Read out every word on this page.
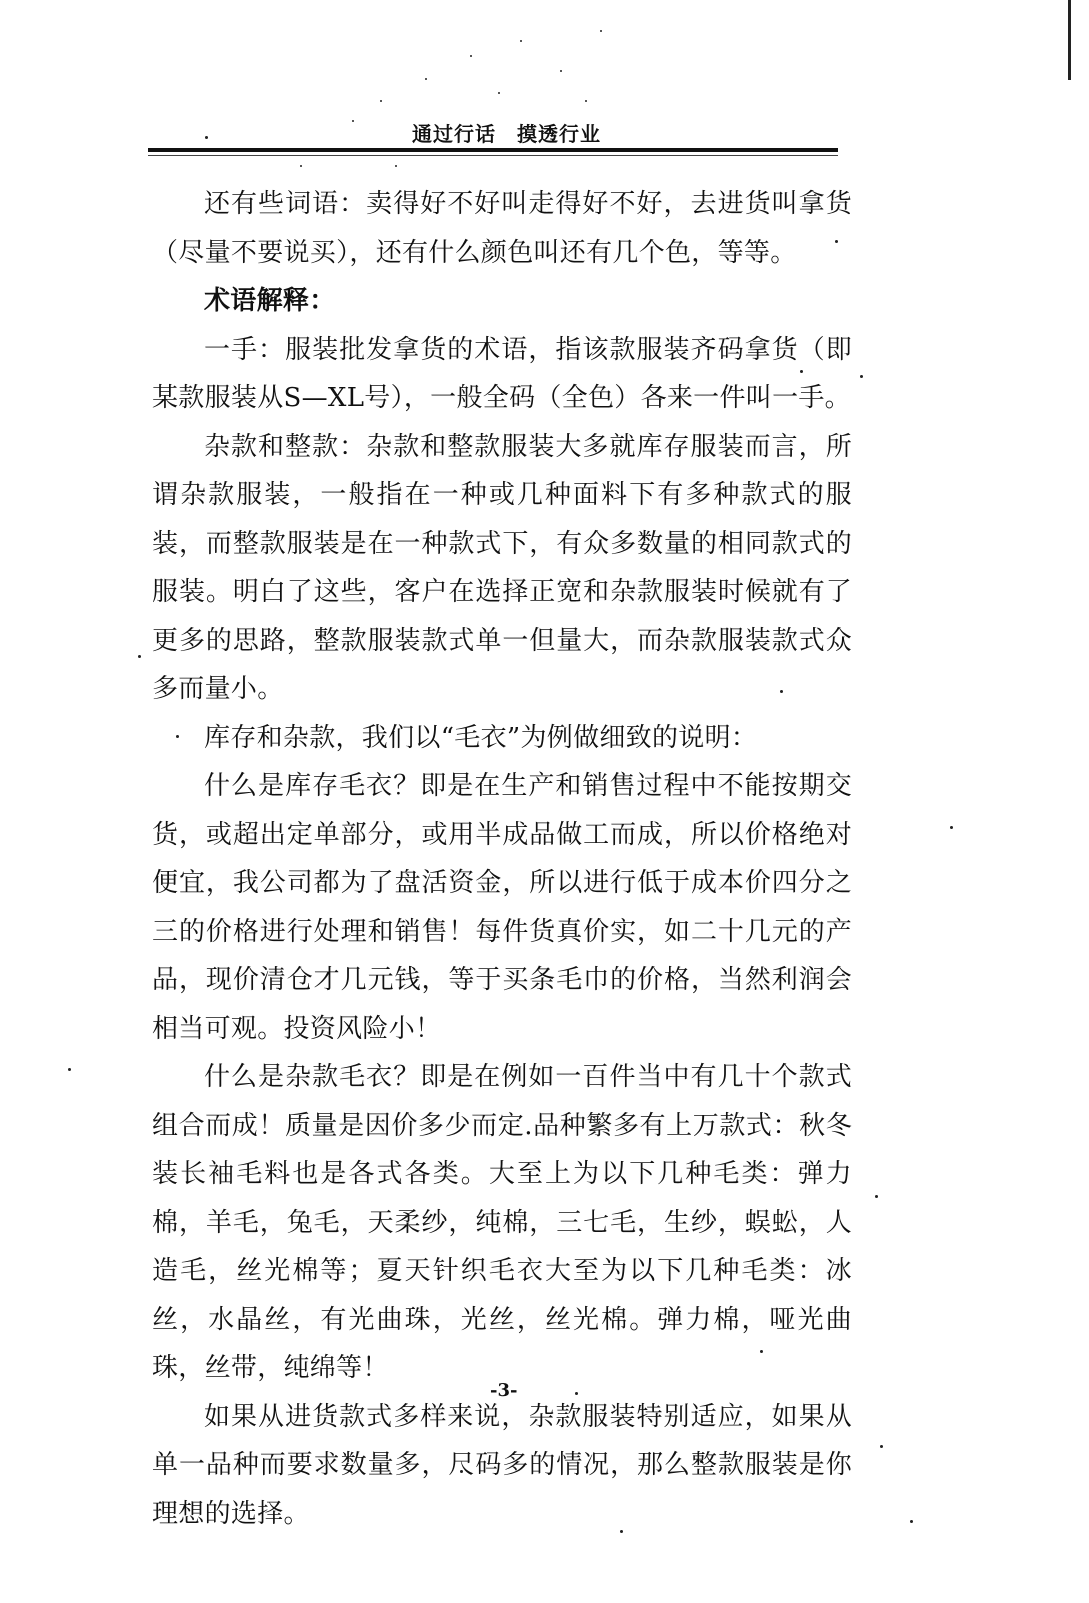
通过行话　摸透行业

还有些词语：卖得好不好叫走得好不好，去进货叫拿货（尽量不要说买），还有什么颜色叫还有几个色，等等。

术语解释：

一手：服装批发拿货的术语，指该款服装齐码拿货（即某款服装从S—XL号），一般全码（全色）各来一件叫一手。

杂款和整款：杂款和整款服装大多就库存服装而言，所谓杂款服装，一般指在一种或几种面料下有多种款式的服装，而整款服装是在一种款式下，有众多数量的相同款式的服装。明白了这些，客户在选择正宽和杂款服装时候就有了更多的思路，整款服装款式单一但量大，而杂款服装款式众多而量小。

库存和杂款，我们以“毛衣”为例做细致的说明：

什么是库存毛衣？即是在生产和销售过程中不能按期交货，或超出定单部分，或用半成品做工而成，所以价格绝对便宜，我公司都为了盘活资金，所以进行低于成本价四分之三的价格进行处理和销售！每件货真价实，如二十几元的产品，现价清仓才几元钱，等于买条毛巾的价格，当然利润会相当可观。投资风险小！

什么是杂款毛衣？即是在例如一百件当中有几十个款式组合而成！质量是因价多少而定.品种繁多有上万款式：秋冬装长袖毛料也是各式各类。大至上为以下几种毛类：弹力棉，羊毛，兔毛，天柔纱，纯棉，三七毛，生纱，蜈蚣，人造毛，丝光棉等；夏天针织毛衣大至为以下几种毛类：冰丝，水晶丝，有光曲珠，光丝，丝光棉。弹力棉，哑光曲珠，丝带，纯绵等！

如果从进货款式多样来说，杂款服装特别适应，如果从单一品种而要求数量多，尺码多的情况，那么整款服装是你理想的选择。

-3-
